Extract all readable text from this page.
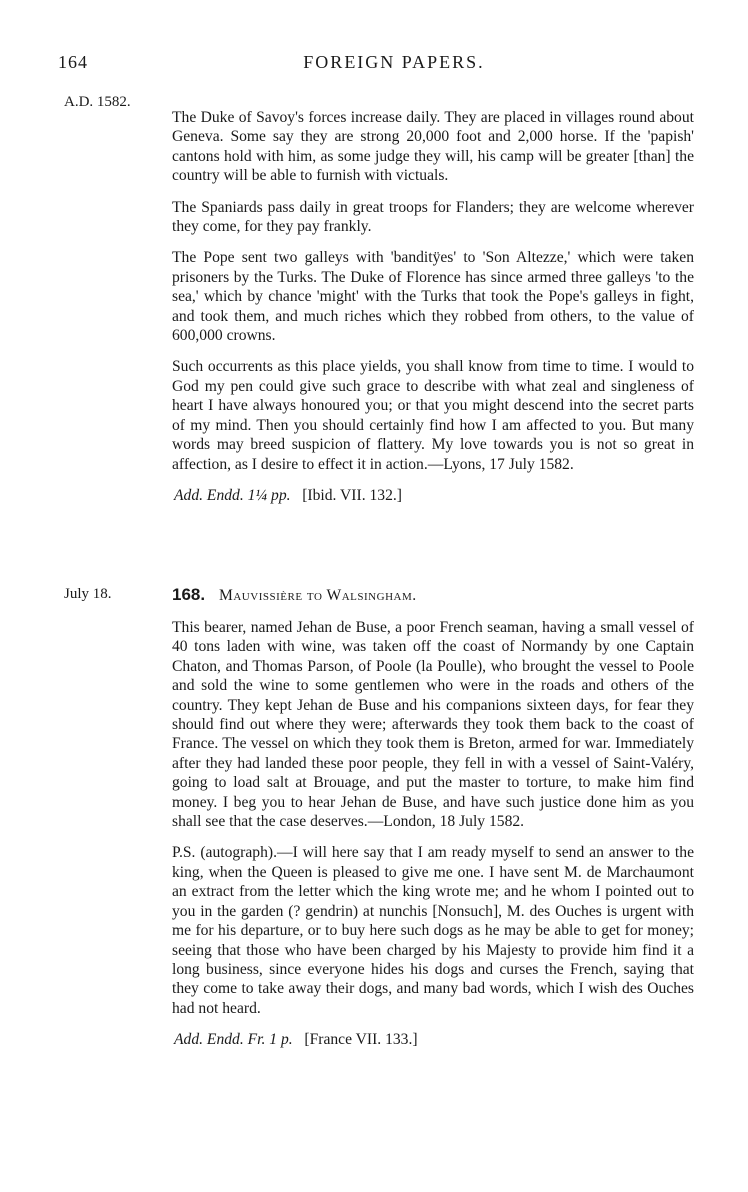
164	FOREIGN PAPERS.
A.D. 1582.

The Duke of Savoy's forces increase daily. They are placed in villages round about Geneva. Some say they are strong 20,000 foot and 2,000 horse. If the 'papish' cantons hold with him, as some judge they will, his camp will be greater [than] the country will be able to furnish with victuals.

The Spaniards pass daily in great troops for Flanders; they are welcome wherever they come, for they pay frankly.

The Pope sent two galleys with 'banditÿes' to 'Son Altezze,' which were taken prisoners by the Turks. The Duke of Florence has since armed three galleys 'to the sea,' which by chance 'might' with the Turks that took the Pope's galleys in fight, and took them, and much riches which they robbed from others, to the value of 600,000 crowns.

Such occurrents as this place yields, you shall know from time to time. I would to God my pen could give such grace to describe with what zeal and singleness of heart I have always honoured you; or that you might descend into the secret parts of my mind. Then you should certainly find how I am affected to you. But many words may breed suspicion of flattery. My love towards you is not so great in affection, as I desire to effect it in action.—Lyons, 17 July 1582.

Add. Endd. 1¼ pp. [Ibid. VII. 132.]

July 18.	168. Mauvissière to Walsingham.

This bearer, named Jehan de Buse, a poor French seaman, having a small vessel of 40 tons laden with wine, was taken off the coast of Normandy by one Captain Chaton, and Thomas Parson, of Poole (la Poulle), who brought the vessel to Poole and sold the wine to some gentlemen who were in the roads and others of the country. They kept Jehan de Buse and his companions sixteen days, for fear they should find out where they were; afterwards they took them back to the coast of France. The vessel on which they took them is Breton, armed for war. Immediately after they had landed these poor people, they fell in with a vessel of Saint-Valéry, going to load salt at Brouage, and put the master to torture, to make him find money. I beg you to hear Jehan de Buse, and have such justice done him as you shall see that the case deserves.—London, 18 July 1582.

P.S. (autograph).—I will here say that I am ready myself to send an answer to the king, when the Queen is pleased to give me one. I have sent M. de Marchaumont an extract from the letter which the king wrote me; and he whom I pointed out to you in the garden (? gendrin) at nunchis [Nonsuch], M. des Ouches is urgent with me for his departure, or to buy here such dogs as he may be able to get for money; seeing that those who have been charged by his Majesty to provide him find it a long business, since everyone hides his dogs and curses the French, saying that they come to take away their dogs, and many bad words, which I wish des Ouches had not heard.

Add. Endd. Fr. 1 p. [France VII. 133.]
